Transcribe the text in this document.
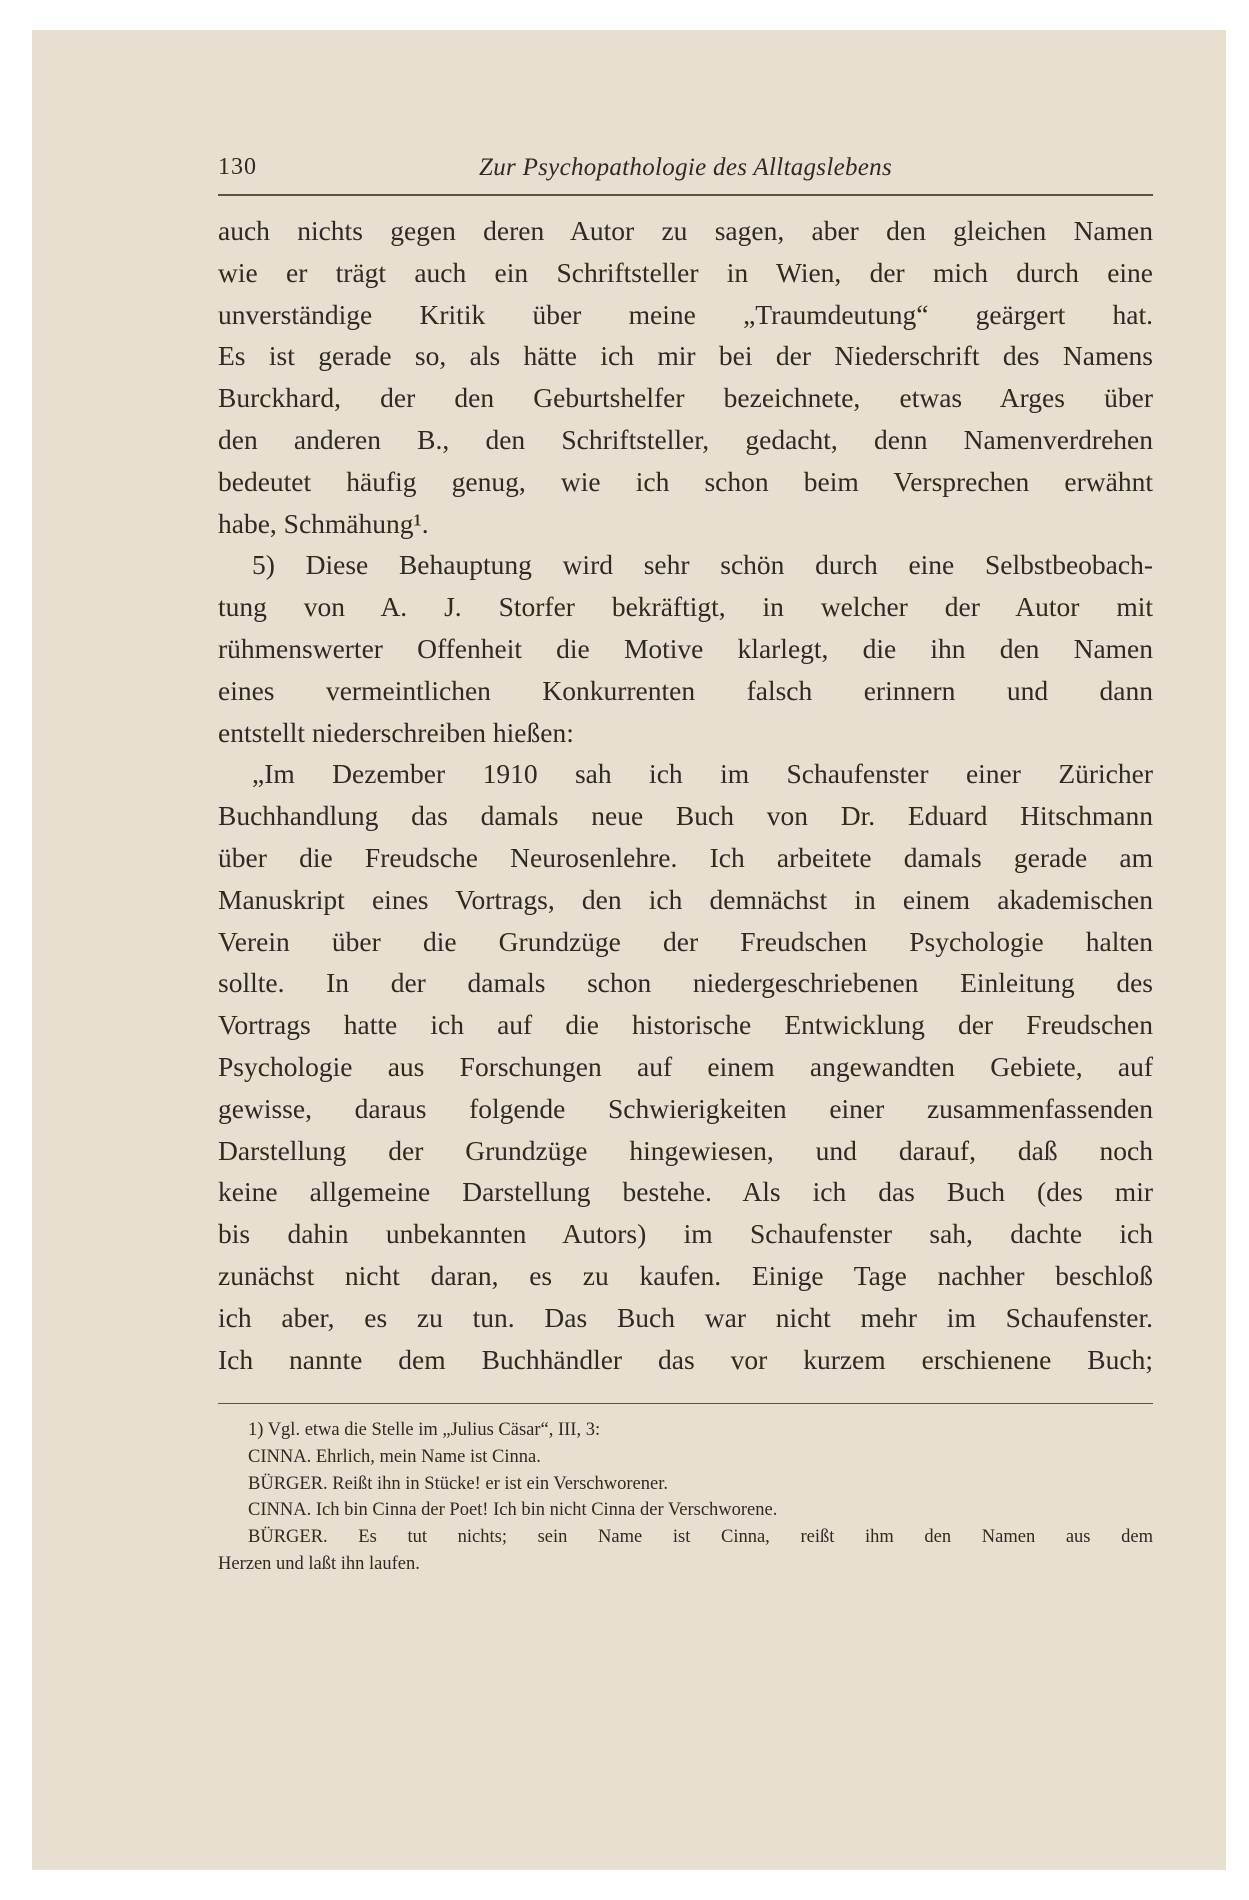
130	Zur Psychopathologie des Alltagslebens
auch nichts gegen deren Autor zu sagen, aber den gleichen Namen
wie er trägt auch ein Schriftsteller in Wien, der mich durch eine
unverständige Kritik über meine „Traumdeutung“ geärgert hat.
Es ist gerade so, als hätte ich mir bei der Niederschrift des Namens
Burckhard, der den Geburtshelfer bezeichnete, etwas Arges über
den anderen B., den Schriftsteller, gedacht, denn Namenverdrehen
bedeutet häufig genug, wie ich schon beim Versprechen erwähnt
habe, Schmähung¹.
5) Diese Behauptung wird sehr schön durch eine Selbstbeobach-
tung von A. J. Storfer bekräftigt, in welcher der Autor mit
rühmenswerter Offenheit die Motive klarlegt, die ihn den Namen
eines vermeintlichen Konkurrenten falsch erinnern und dann
entstellt niederschreiben hießen:
„Im Dezember 1910 sah ich im Schaufenster einer Züricher
Buchhandlung das damals neue Buch von Dr. Eduard Hitschmann
über die Freudsche Neurosenlehre. Ich arbeitete damals gerade am
Manuskript eines Vortrags, den ich demnächst in einem akademischen
Verein über die Grundzüge der Freudschen Psychologie halten
sollte. In der damals schon niedergeschriebenen Einleitung des
Vortrags hatte ich auf die historische Entwicklung der Freudschen
Psychologie aus Forschungen auf einem angewandten Gebiete, auf
gewisse, daraus folgende Schwierigkeiten einer zusammenfassenden
Darstellung der Grundzüge hingewiesen, und darauf, daß noch
keine allgemeine Darstellung bestehe. Als ich das Buch (des mir
bis dahin unbekannten Autors) im Schaufenster sah, dachte ich
zunächst nicht daran, es zu kaufen. Einige Tage nachher beschloß
ich aber, es zu tun. Das Buch war nicht mehr im Schaufenster.
Ich nannte dem Buchhändler das vor kurzem erschienene Buch;
1) Vgl. etwa die Stelle im „Julius Cäsar“, III, 3:
CINNA. Ehrlich, mein Name ist Cinna.
BÜRGER. Reißt ihn in Stücke! er ist ein Verschworener.
CINNA. Ich bin Cinna der Poet! Ich bin nicht Cinna der Verschworene.
BÜRGER. Es tut nichts; sein Name ist Cinna, reißt ihm den Namen aus dem
Herzen und laßt ihn laufen.
